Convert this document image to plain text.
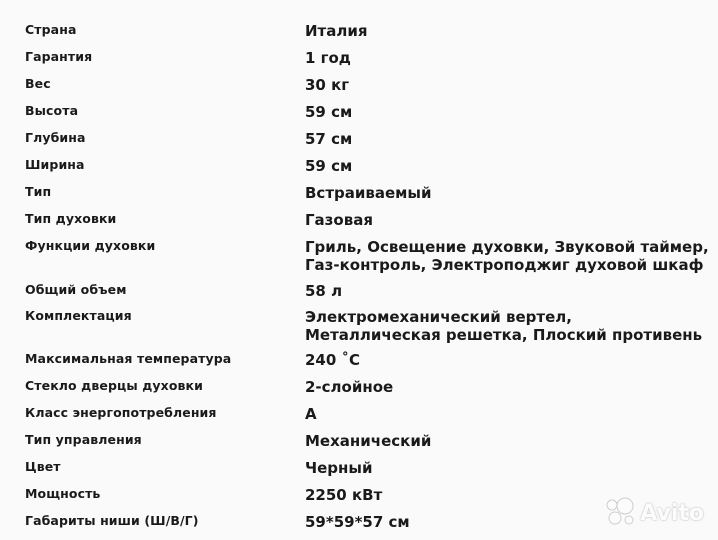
Страна	Италия
Гарантия	1 год
Вес	30 кг
Высота	59 см
Глубина	57 см
Ширина	59 см
Тип	Встраиваемый
Тип духовки	Газовая
Функции духовки	Гриль, Освещение духовки, Звуковой таймер, Газ-контроль, Электроподжиг духовой шкаф
Общий объем	58 л
Комплектация	Электромеханический вертел, Металлическая решетка, Плоский противень
Максимальная температура	240 ˚С
Стекло дверцы духовки	2-слойное
Класс энергопотребления	А
Тип управления	Механический
Цвет	Черный
Мощность	2250 кВт
Габариты ниши (Ш/В/Г)	59*59*57 см	Avito
